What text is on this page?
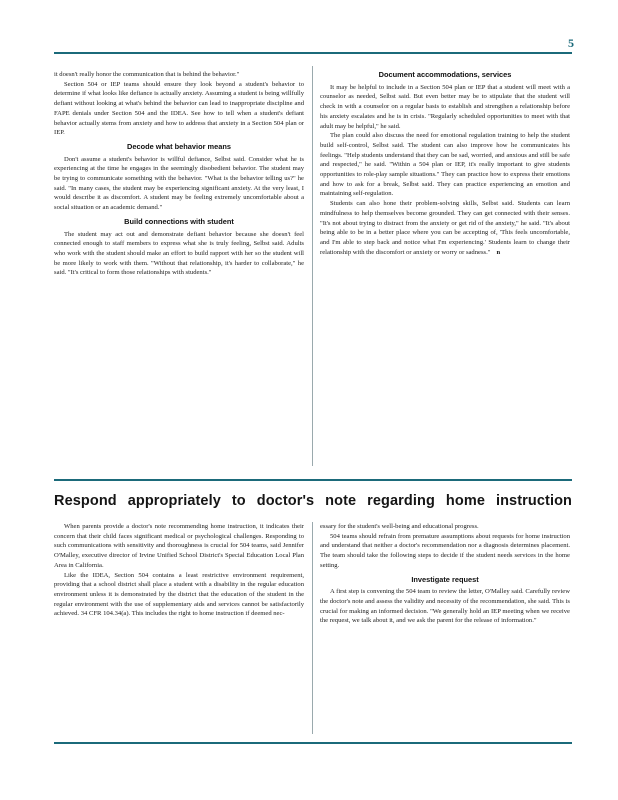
5

it doesn't really honor the communication that is behind the behavior."

Section 504 or IEP teams should ensure they look beyond a student's behavior to determine if what looks like defiance is actually anxiety. Assuming a student is being willfully defiant without looking at what's behind the behavior can lead to inappropriate discipline and FAPE denials under Section 504 and the IDEA. See how to tell when a student's defiant behavior actually stems from anxiety and how to address that anxiety in a Section 504 plan or IEP.

Decode what behavior means

Don't assume a student's behavior is willful defiance, Selbst said. Consider what he is experiencing at the time he engages in the seemingly disobedient behavior. The student may be trying to communicate something with the behavior. "What is the behavior telling us?" he said. "In many cases, the student may be experiencing significant anxiety. At the very least, I would describe it as discomfort. A student may be feeling extremely uncomfortable about a social situation or an academic demand."

Build connections with student

The student may act out and demonstrate defiant behavior because she doesn't feel connected enough to staff members to express what she is truly feeling, Selbst said. Adults who work with the student should make an effort to build rapport with her so the student will be more likely to work with them. "Without that relationship, it's harder to collaborate," he said. "It's critical to form those relationships with students."

Document accommodations, services

It may be helpful to include in a Section 504 plan or IEP that a student will meet with a counselor as needed, Selbst said. But even better may be to stipulate that the student will check in with a counselor on a regular basis to establish and strengthen a relationship before his anxiety escalates and he is in crisis. "Regularly scheduled opportunities to meet with that adult may be helpful," he said.

The plan could also discuss the need for emotional regulation training to help the student build self-control, Selbst said. The student can also improve how he communicates his feelings. "Help students understand that they can be sad, worried, and anxious and still be safe and respected," he said. "Within a 504 plan or IEP, it's really important to give students opportunities to role-play sample situations." They can practice how to express their emotions and how to ask for a break, Selbst said. They can practice experiencing an emotion and maintaining self-regulation.

Students can also hone their problem-solving skills, Selbst said. Students can learn mindfulness to help themselves become grounded. They can get connected with their senses. "It's not about trying to distract from the anxiety or get rid of the anxiety," he said. "It's about being able to be in a better place where you can be accepting of, 'This feels uncomfortable, and I'm able to step back and notice what I'm experiencing.' Students learn to change their relationship with the discomfort or anxiety or worry or sadness." n

Respond appropriately to doctor's note regarding home instruction

When parents provide a doctor's note recommending home instruction, it indicates their concern that their child faces significant medical or psychological challenges. Responding to such communications with sensitivity and thoroughness is crucial for 504 teams, said Jennifer O'Malley, executive director of Irvine Unified School District's Special Education Local Plan Area in California.

Like the IDEA, Section 504 contains a least restrictive environment requirement, providing that a school district shall place a student with a disability in the regular education environment unless it is demonstrated by the district that the education of the student in the regular environment with the use of supplementary aids and services cannot be satisfactorily achieved. 34 CFR 104.34(a). This includes the right to home instruction if deemed nec-

essary for the student's well-being and educational progress.

504 teams should refrain from premature assumptions about requests for home instruction and understand that neither a doctor's recommendation nor a diagnosis determines placement. The team should take the following steps to decide if the student needs services in the home setting.

Investigate request

A first step is convening the 504 team to review the letter, O'Malley said. Carefully review the doctor's note and assess the validity and necessity of the recommendation, she said. This is crucial for making an informed decision. "We generally hold an IEP meeting when we receive the request, we talk about it, and we ask the parent for the release of information."
